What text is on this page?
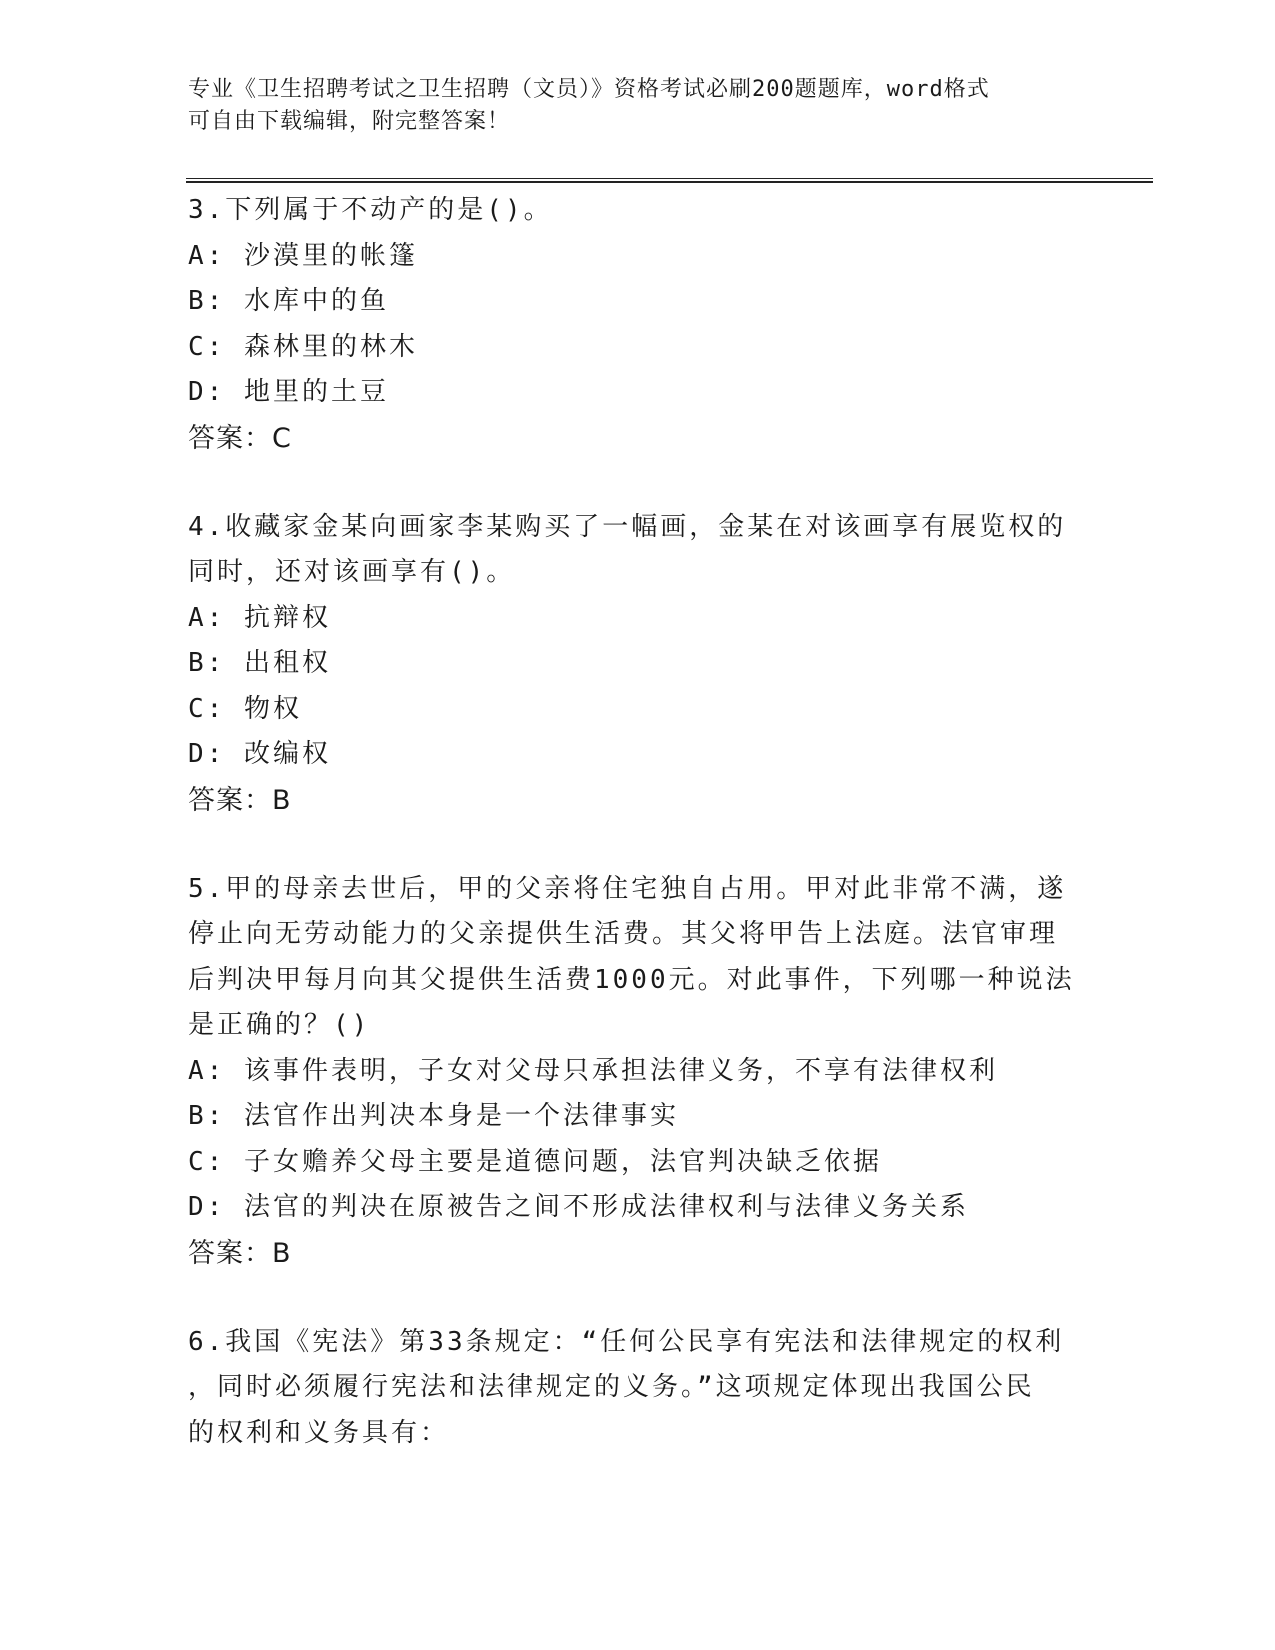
专业《卫生招聘考试之卫生招聘（文员）》资格考试必刷200题题库，word格式
可自由下载编辑，附完整答案！
3.下列属于不动产的是()。
A: 沙漠里的帐篷
B: 水库中的鱼
C: 森林里的林木
D: 地里的土豆
答案：C
4.收藏家金某向画家李某购买了一幅画，金某在对该画享有展览权的
同时，还对该画享有()。
A: 抗辩权
B: 出租权
C: 物权
D: 改编权
答案：B
5.甲的母亲去世后，甲的父亲将住宅独自占用。甲对此非常不满，遂
停止向无劳动能力的父亲提供生活费。其父将甲告上法庭。法官审理
后判决甲每月向其父提供生活费1000元。对此事件，下列哪一种说法
是正确的？()
A: 该事件表明，子女对父母只承担法律义务，不享有法律权利
B: 法官作出判决本身是一个法律事实
C: 子女赡养父母主要是道德问题，法官判决缺乏依据
D: 法官的判决在原被告之间不形成法律权利与法律义务关系
答案：B
6.我国《宪法》第33条规定：“任何公民享有宪法和法律规定的权利
，同时必须履行宪法和法律规定的义务。”这项规定体现出我国公民
的权利和义务具有：
